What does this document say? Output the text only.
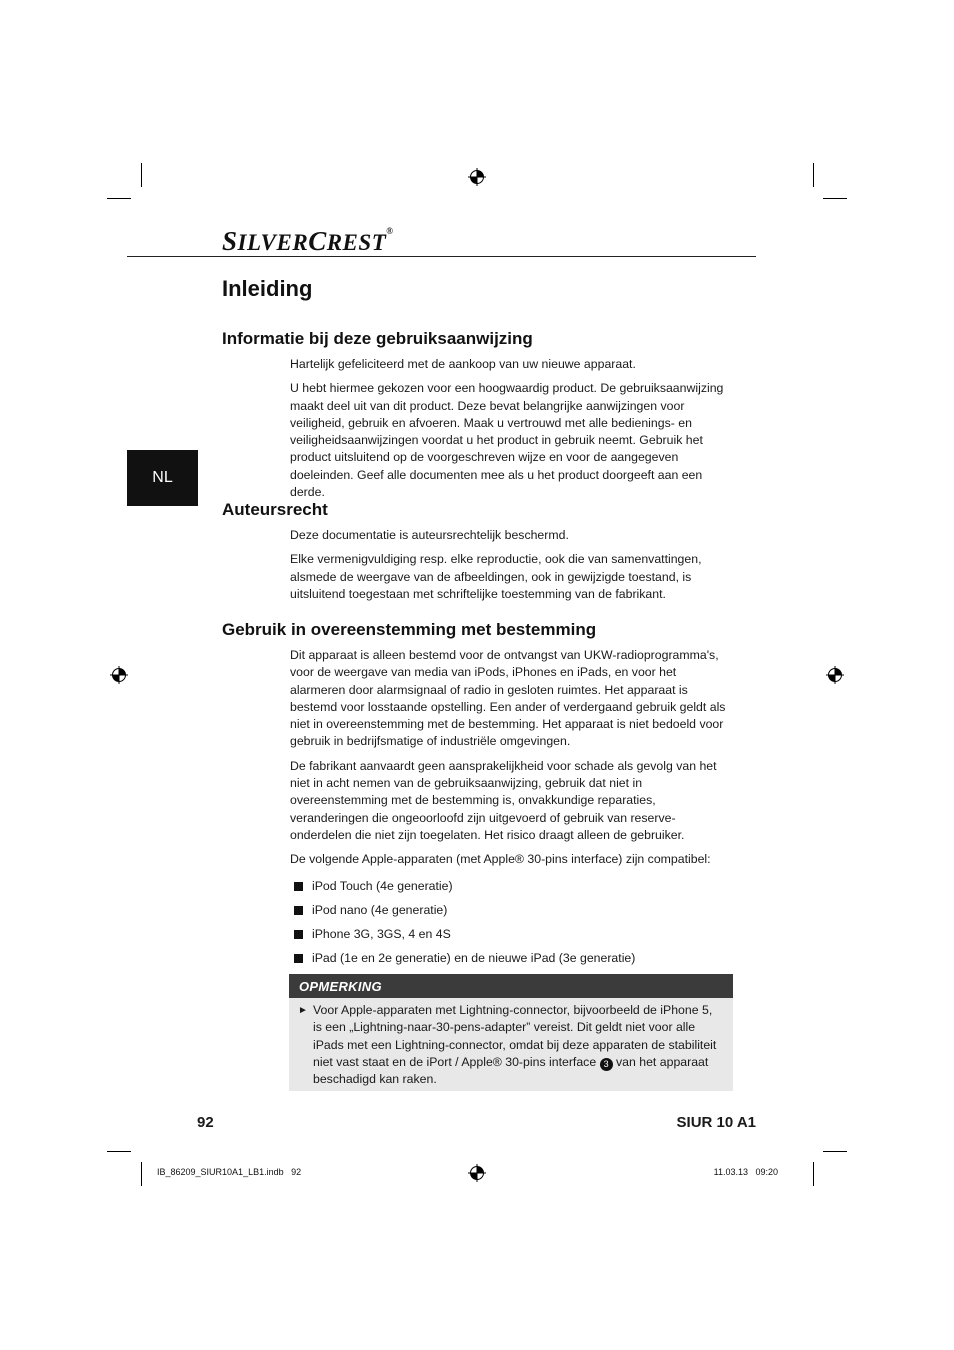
SILVERCREST®
Inleiding
NL
Informatie bij deze gebruiksaanwijzing

Hartelijk gefeliciteerd met de aankoop van uw nieuwe apparaat.

U hebt hiermee gekozen voor een hoogwaardig product. De gebruiksaanwijzing maakt deel uit van dit product. Deze bevat belangrijke aanwijzingen voor veiligheid, gebruik en afvoeren. Maak u vertrouwd met alle bedienings- en veiligheidsaanwijzingen voordat u het product in gebruik neemt. Gebruik het product uitsluitend op de voorgeschreven wijze en voor de aangegeven doeleinden. Geef alle documenten mee als u het product doorgeeft aan een derde.

Auteursrecht

Deze documentatie is auteursrechtelijk beschermd.

Elke vermenigvuldiging resp. elke reproductie, ook die van samenvattingen, alsmede de weergave van de afbeeldingen, ook in gewijzigde toestand, is uitsluitend toegestaan met schriftelijke toestemming van de fabrikant.

Gebruik in overeenstemming met bestemming

Dit apparaat is alleen bestemd voor de ontvangst van UKW-radioprogramma's, voor de weergave van media van iPods, iPhones en iPads, en voor het alarmeren door alarmsignaal of radio in gesloten ruimtes. Het apparaat is bestemd voor losstaande opstelling. Een ander of verdergaand gebruik geldt als niet in overeenstemming met de bestemming. Het apparaat is niet bedoeld voor gebruik in bedrijfsmatige of industriële omgevingen.

De fabrikant aanvaardt geen aansprakelijkheid voor schade als gevolg van het niet in acht nemen van de gebruiksaanwijzing, gebruik dat niet in overeenstemming met de bestemming is, onvakkundige reparaties, veranderingen die ongeoorloofd zijn uitgevoerd of gebruik van reserve-onderdelen die niet zijn toegelaten. Het risico draagt alleen de gebruiker.

De volgende Apple-apparaten (met Apple® 30-pins interface) zijn compatibel:

iPod Touch (4e generatie)
iPod nano (4e generatie)
iPhone 3G, 3GS, 4 en 4S
iPad (1e en 2e generatie) en de nieuwe iPad (3e generatie)
OPMERKING
► Voor Apple-apparaten met Lightning-connector, bijvoorbeeld de iPhone 5, is een „Lightning-naar-30-pens-adapter” vereist. Dit geldt niet voor alle iPads met een Lightning-connector, omdat bij deze apparaten de stabiliteit niet vast staat en de iPort / Apple® 30-pins interface 3 van het apparaat beschadigd kan raken.
92	SIUR 10 A1
IB_86209_SIUR10A1_LB1.indb   92	11.03.13   09:20
